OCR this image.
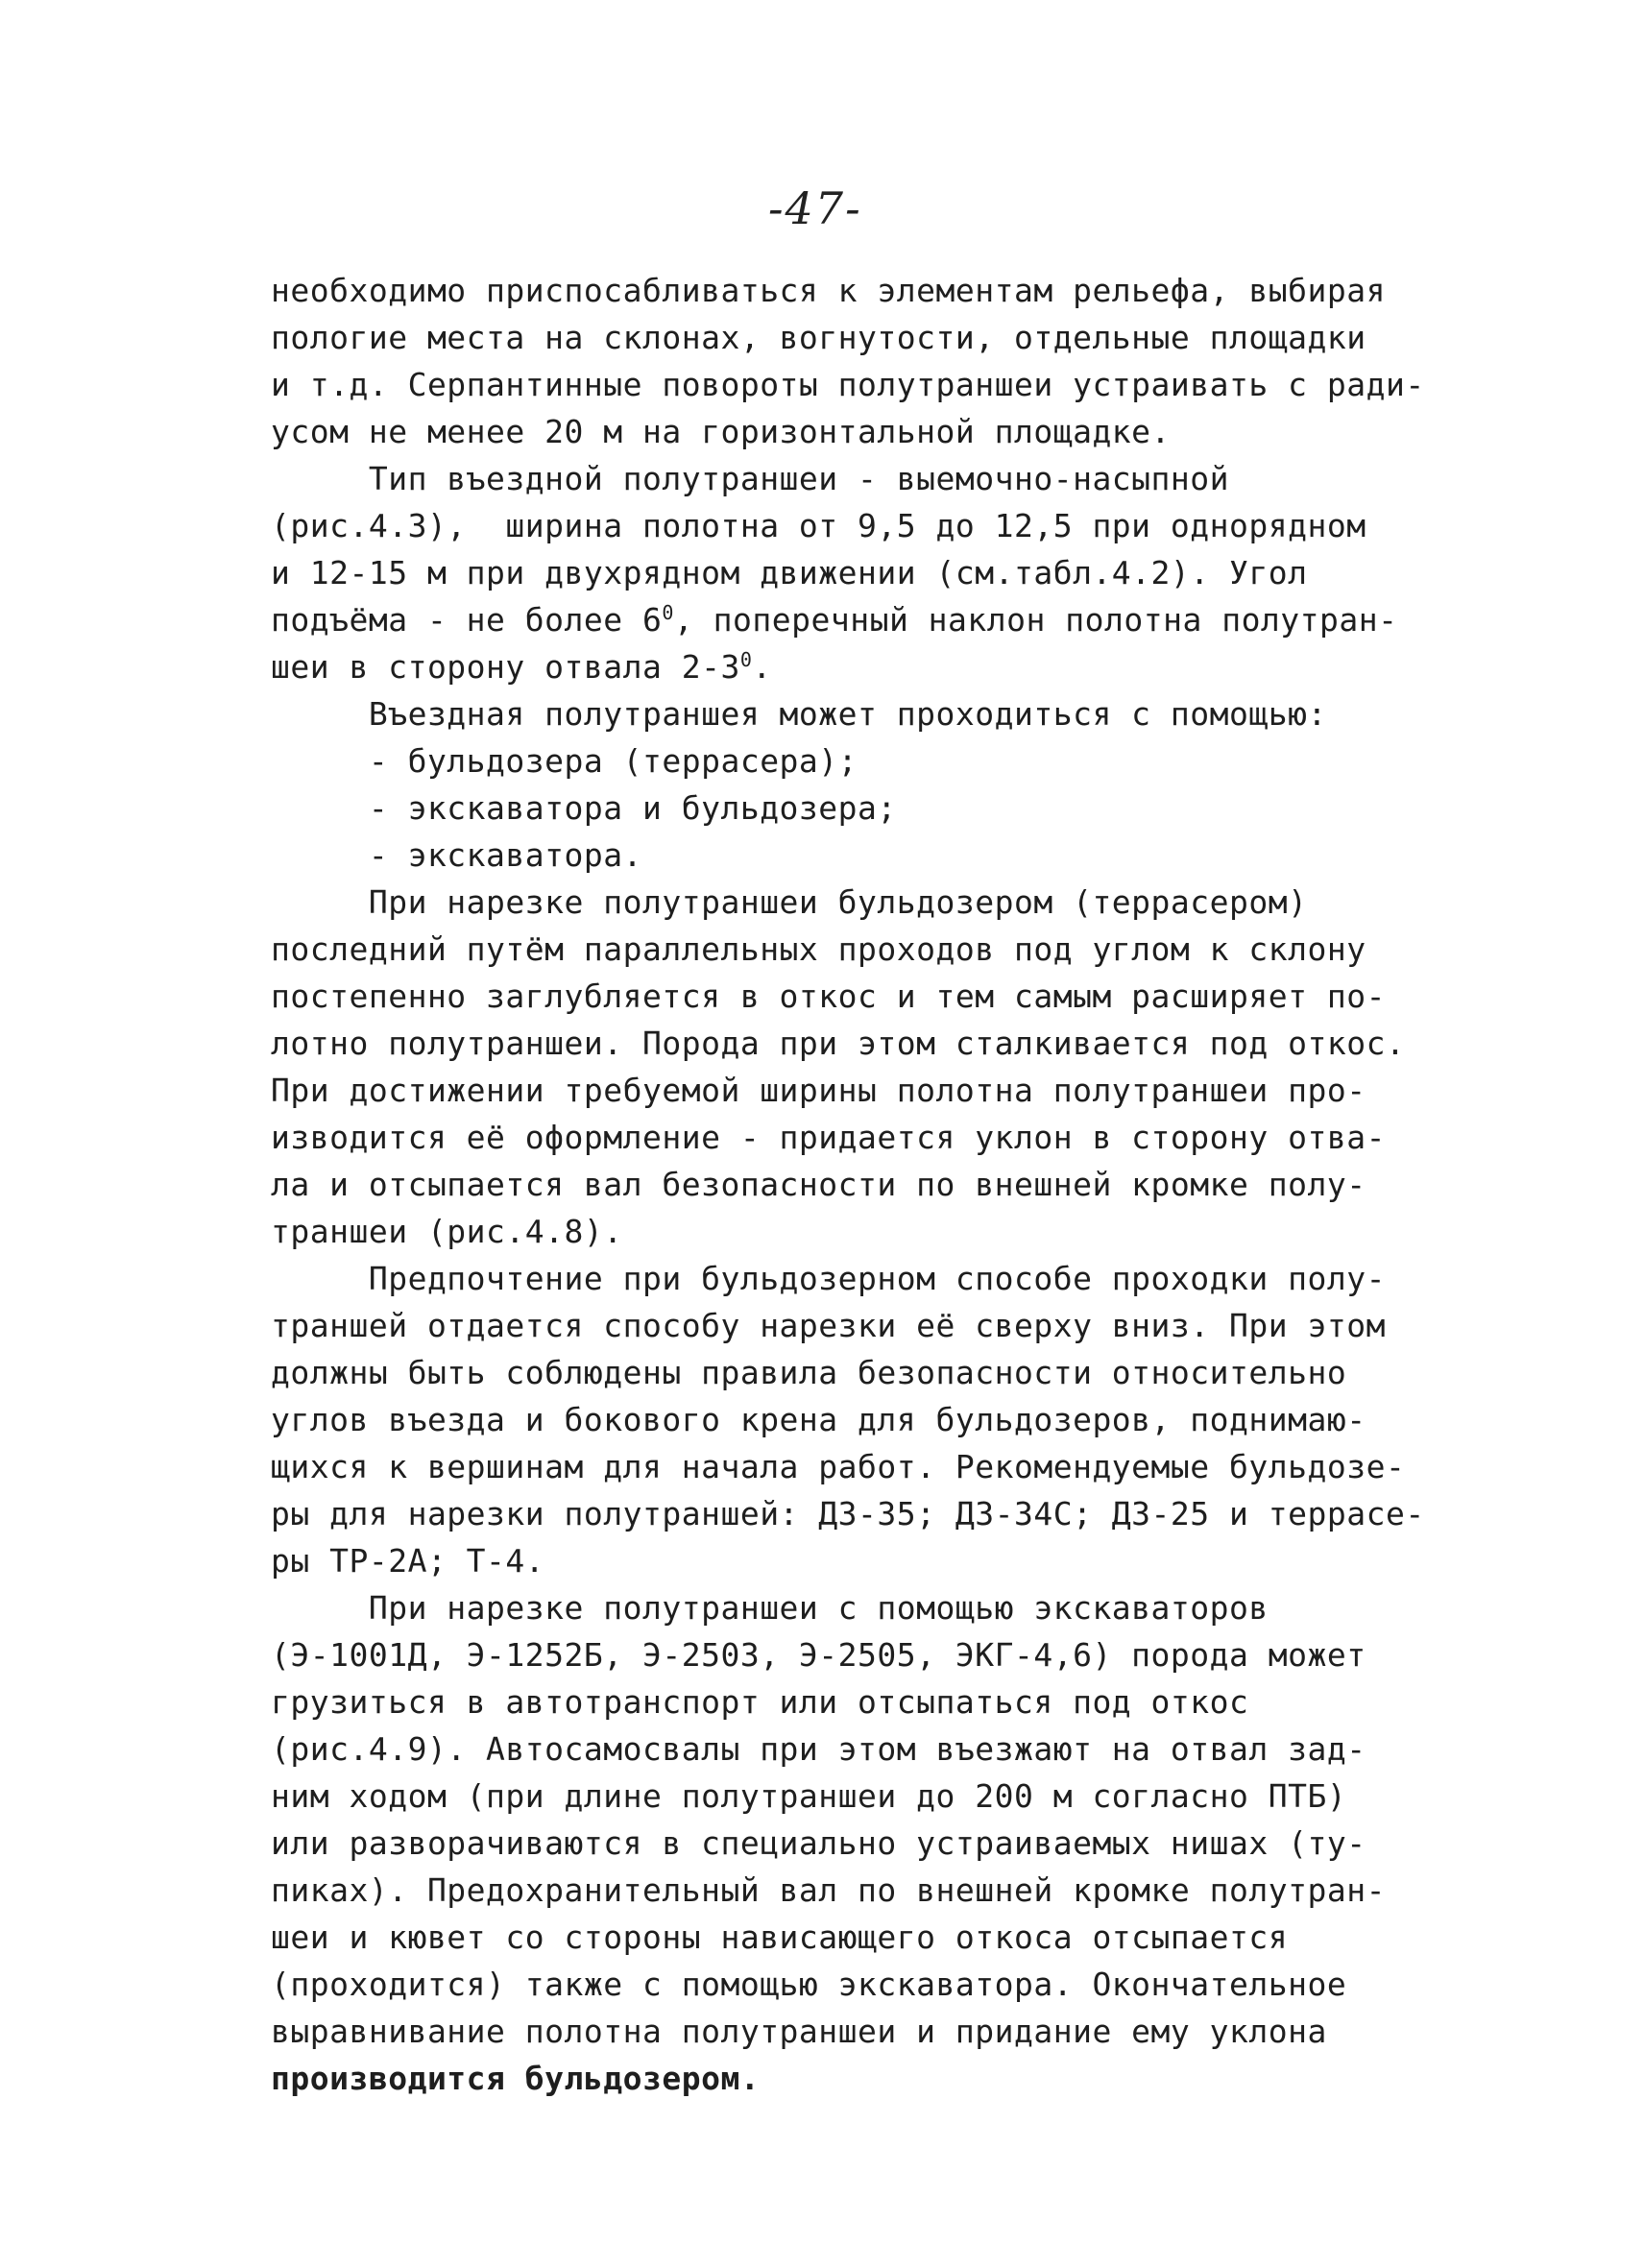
-47-
необходимо приспосабливаться к элементам рельефа, выбирая
пологие места на склонах, вогнутости, отдельные площадки
и т.д. Серпантинные повороты полутраншеи устраивать с ради-
усом не менее 20 м на горизонтальной площадке.
Тип въездной полутраншеи - выемочно-насыпной
(рис.4.3),  ширина полотна от 9,5 до 12,5 при однорядном
и 12-15 м при двухрядном движении (см.табл.4.2). Угол
подъёма - не более $6^0$, поперечный наклон полотна полутран-
шеи в сторону отвала $2-3^0$.
Въездная полутраншея может проходиться с помощью:
- бульдозера (террасера);
- экскаватора и бульдозера;
- экскаватора.
При нарезке полутраншеи бульдозером (террасером)
последний путём параллельных проходов под углом к склону
постепенно заглубляется в откос и тем самым расширяет по-
лотно полутраншеи. Порода при этом сталкивается под откос.
При достижении требуемой ширины полотна полутраншеи про-
изводится её оформление - придается уклон в сторону отва-
ла и отсыпается вал безопасности по внешней кромке полу-
траншеи (рис.4.8).
Предпочтение при бульдозерном способе проходки полу-
траншей отдается способу нарезки её сверху вниз. При этом
должны быть соблюдены правила безопасности относительно
углов въезда и бокового крена для бульдозеров, поднимаю-
щихся к вершинам для начала работ. Рекомендуемые бульдозе-
ры для нарезки полутраншей: ДЗ-35; ДЗ-34С; ДЗ-25 и террасе-
ры ТР-2А; Т-4.
При нарезке полутраншеи с помощью экскаваторов
(Э-1001Д, Э-1252Б, Э-2503, Э-2505, ЭКГ-4,6) порода может
грузиться в автотранспорт или отсыпаться под откос
(рис.4.9). Автосамосвалы при этом въезжают на отвал зад-
ним ходом (при длине полутраншеи до 200 м согласно ПТБ)
или разворачиваются в специально устраиваемых нишах (ту-
пиках). Предохранительный вал по внешней кромке полутран-
шеи и кювет со стороны нависающего откоса отсыпается
(проходится) также с помощью экскаватора. Окончательное
выравнивание полотна полутраншеи и придание ему уклона
производится бульдозером.
